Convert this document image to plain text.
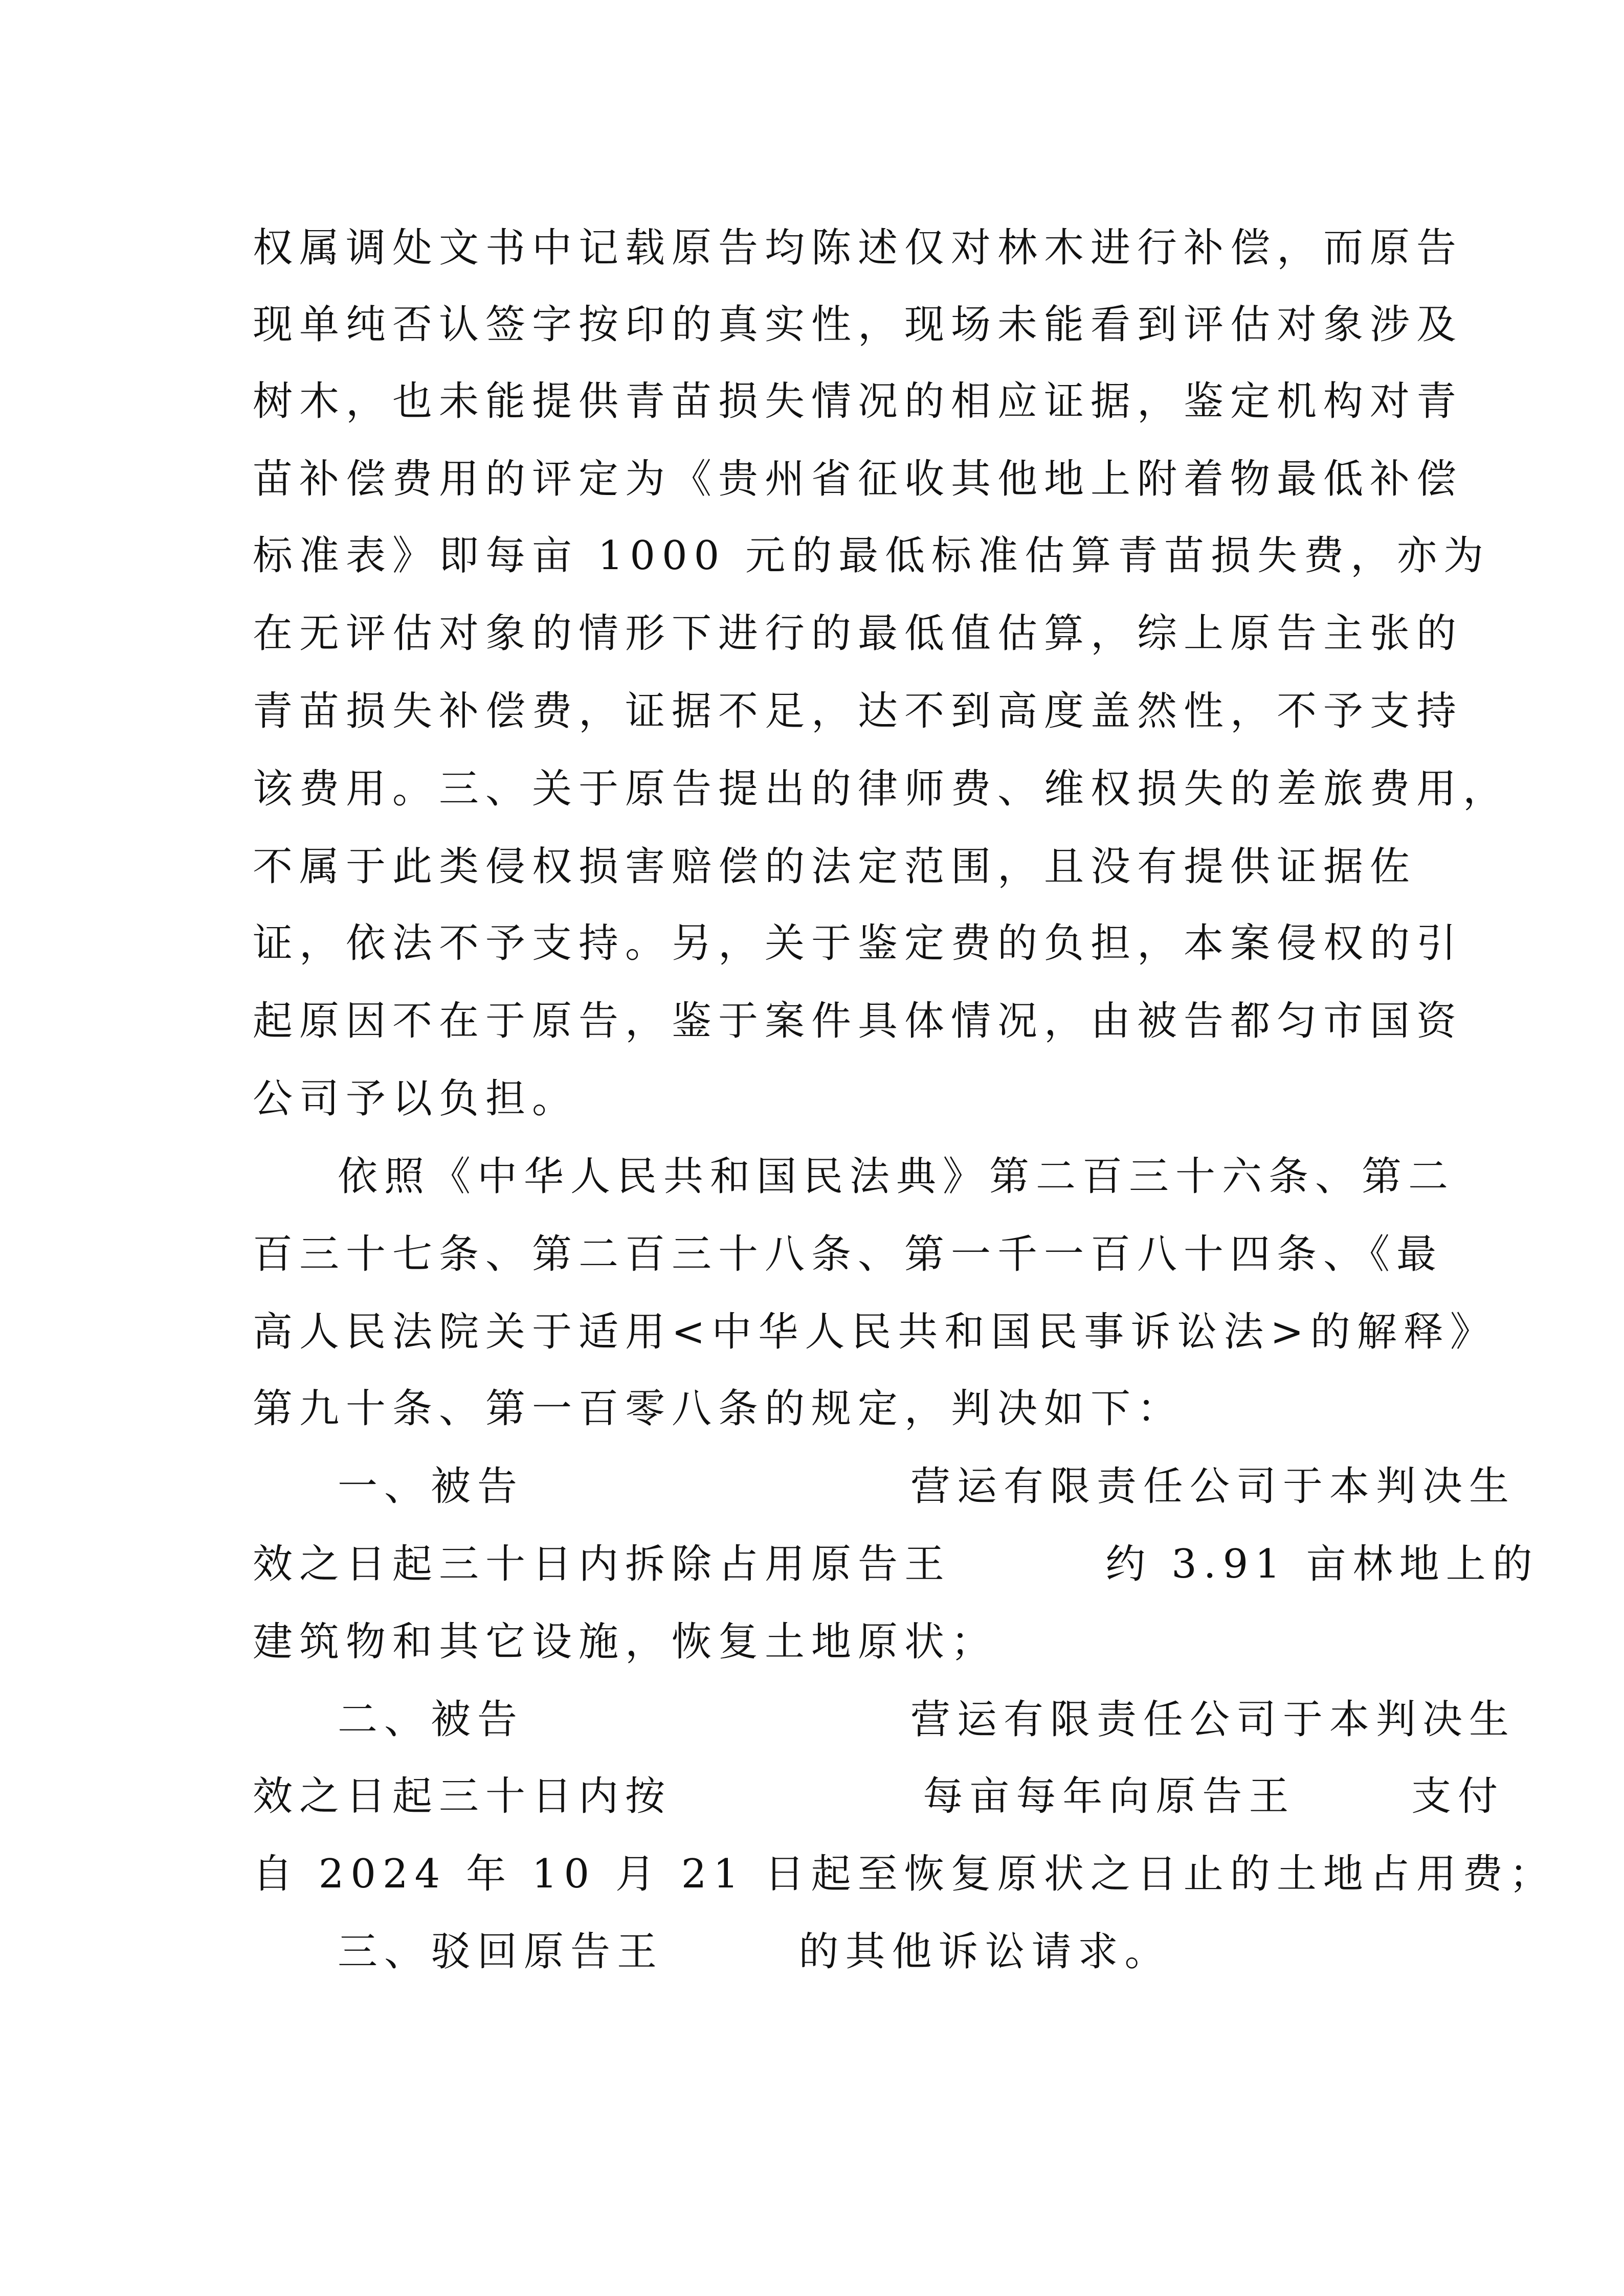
权属调处文书中记载原告均陈述仅对林木进行补偿，而原告
现单纯否认签字按印的真实性，现场未能看到评估对象涉及
树木，也未能提供青苗损失情况的相应证据，鉴定机构对青
苗补偿费用的评定为《贵州省征收其他地上附着物最低补偿
标准表》即每亩 1000 元的最低标准估算青苗损失费，亦为
在无评估对象的情形下进行的最低值估算，综上原告主张的
青苗损失补偿费，证据不足，达不到高度盖然性，不予支持
该费用。三、关于原告提出的律师费、维权损失的差旅费用，
不属于此类侵权损害赔偿的法定范围，且没有提供证据佐
证，依法不予支持。另，关于鉴定费的负担，本案侵权的引
起原因不在于原告，鉴于案件具体情况，由被告都匀市国资
公司予以负担。
依照《中华人民共和国民法典》第二百三十六条、第二
百三十七条、第二百三十八条、第一千一百八十四条、《最
高人民法院关于适用<中华人民共和国民事诉讼法>的解释》
第九十条、第一百零八条的规定，判决如下：
一、被告                    营运有限责任公司于本判决生
效之日起三十日内拆除占用原告王        约 3.91 亩林地上的
建筑物和其它设施，恢复土地原状；
二、被告                    营运有限责任公司于本判决生
效之日起三十日内按             每亩每年向原告王      支付
自 2024 年 10 月 21 日起至恢复原状之日止的土地占用费；
三、驳回原告王       的其他诉讼请求。
